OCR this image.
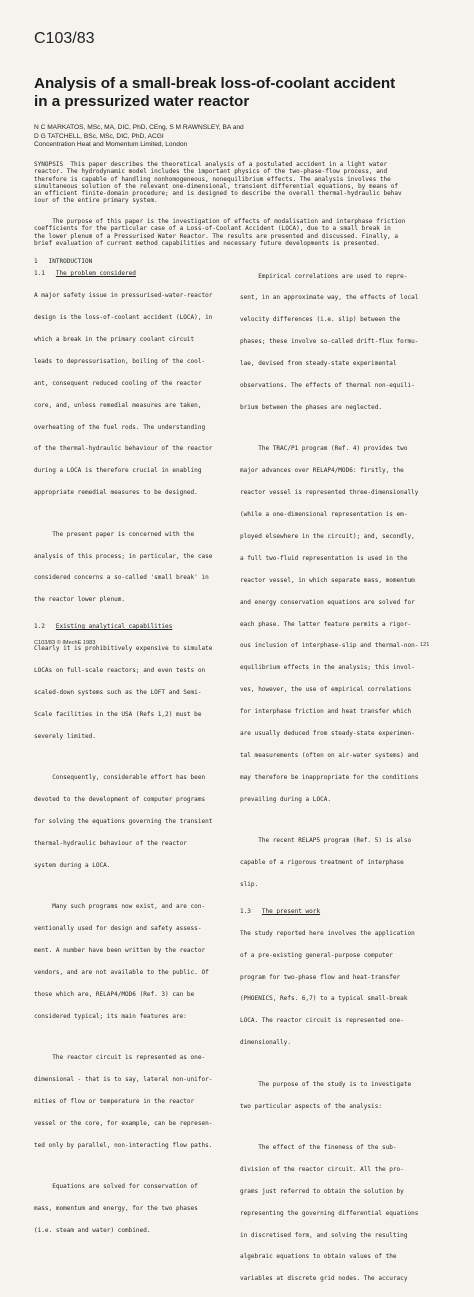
C103/83
Analysis of a small-break loss-of-coolant accident
in a pressurized water reactor
N C MARKATOS, MSc, MA, DIC, PhD, CEng, S M RAWNSLEY, BA and
D G TATCHELL, BSc, MSc, DIC, PhD, ACGI
Concentration Heat and Momentum Limited, London
SYNOPSIS  This paper describes the theoretical analysis of a postulated accident in a light water
reactor. The hydrodynamic model includes the important physics of the two-phase-flow process, and
therefore is capable of handling nonhomogeneous, nonequilibrium effects. The analysis involves the
simultaneous solution of the relevant one-dimensional, transient differential equations, by means of
an efficient finite-domain procedure; and is designed to describe the overall thermal-hydraulic behav
iour of the entire primary system.
The purpose of this paper is the investigation of effects of modalisation and interphase friction
coefficients for the particular case of a Loss-of-Coolant Accident (LOCA), due to a small break in
the lower plenum of a Pressurised Water Reactor. The results are presented and discussed. Finally, a
brief evaluation of current method capabilities and necessary future developments is presented.
1   INTRODUCTION
1.1 The problem considered

A major safety issue in pressurised-water-reactor

design is the loss-of-coolant accident (LOCA), in

which a break in the primary coolant circuit

leads to depressurisation, boiling of the cool-

ant, consequent reduced cooling of the reactor

core, and, unless remedial measures are taken,

overheating of the fuel rods. The understanding

of the thermal-hydraulic behaviour of the reactor

during a LOCA is therefore crucial in enabling

appropriate remedial measures to be designed.

The present paper is concerned with the

analysis of this process; in particular, the case

considered concerns a so-called 'small break' in

the reactor lower plenum.

1.2 Existing analytical capabilities

Clearly it is prohibitively expensive to simulate

LOCAs on full-scale reactors; and even tests on

scaled-down systems such as the LOFT and Semi-

Scale facilities in the USA (Refs 1,2) must be

severely limited.

Consequently, considerable effort has been

devoted to the development of computer programs

for solving the equations governing the transient

thermal-hydraulic behaviour of the reactor

system during a LOCA.

Many such programs now exist, and are con-

ventionally used for design and safety assess-

ment. A number have been written by the reactor

vendors, and are not available to the public. Of

those which are, RELAP4/MOD6 (Ref. 3) can be

considered typical; its main features are:

The reactor circuit is represented as one-

dimensional - that is to say, lateral non-unifor-

mities of flow or temperature in the reactor

vessel or the core, for example, can be represen-

ted only by parallel, non-interacting flow paths.

Equations are solved for conservation of

mass, momentum and energy, for the two phases

(i.e. steam and water) combined.

Empirical correlations are used to repre-

sent, in an approximate way, the effects of local

velocity differences (i.e. slip) between the

phases; these involve so-called drift-flux formu-

lae, devised from steady-state experimental

observations. The effects of thermal non-equili-

brium between the phases are neglected.

The TRAC/P1 program (Ref. 4) provides two

major advances over RELAP4/MOD6: firstly, the

reactor vessel is represented three-dimensionally

(while a one-dimensional representation is em-

ployed elsewhere in the circuit); and, secondly,

a full two-fluid representation is used in the

reactor vessel, in which separate mass, momentum

and energy conservation equations are solved for

each phase. The latter feature permits a rigor-

ous inclusion of interphase-slip and thermal-non-

equilibrium effects in the analysis; this invol-

ves, however, the use of empirical correlations

for interphase friction and heat transfer which

are usually deduced from steady-state experimen-

tal measurements (often on air-water systems) and

may therefore be inappropriate for the conditions

prevailing during a LOCA.

The recent RELAP5 program (Ref. 5) is also

capable of a rigorous treatment of interphase

slip.

1.3 The present work

The study reported here involves the application

of a pre-existing general-purpose computer

program for two-phase flow and heat-transfer

(PHOENICS, Refs. 6,7) to a typical small-break

LOCA. The reactor circuit is represented one-

dimensionally.

The purpose of the study is to investigate

two particular aspects of the analysis:

The effect of the fineness of the sub-

division of the reactor circuit. All the pro-

grams just referred to obtain the solution by

representing the governing differential equations

in discretised form, and solving the resulting

algebraic equations to obtain values of the

variables at discrete grid nodes. The accuracy

C103/83 © IMechE 1983	121
